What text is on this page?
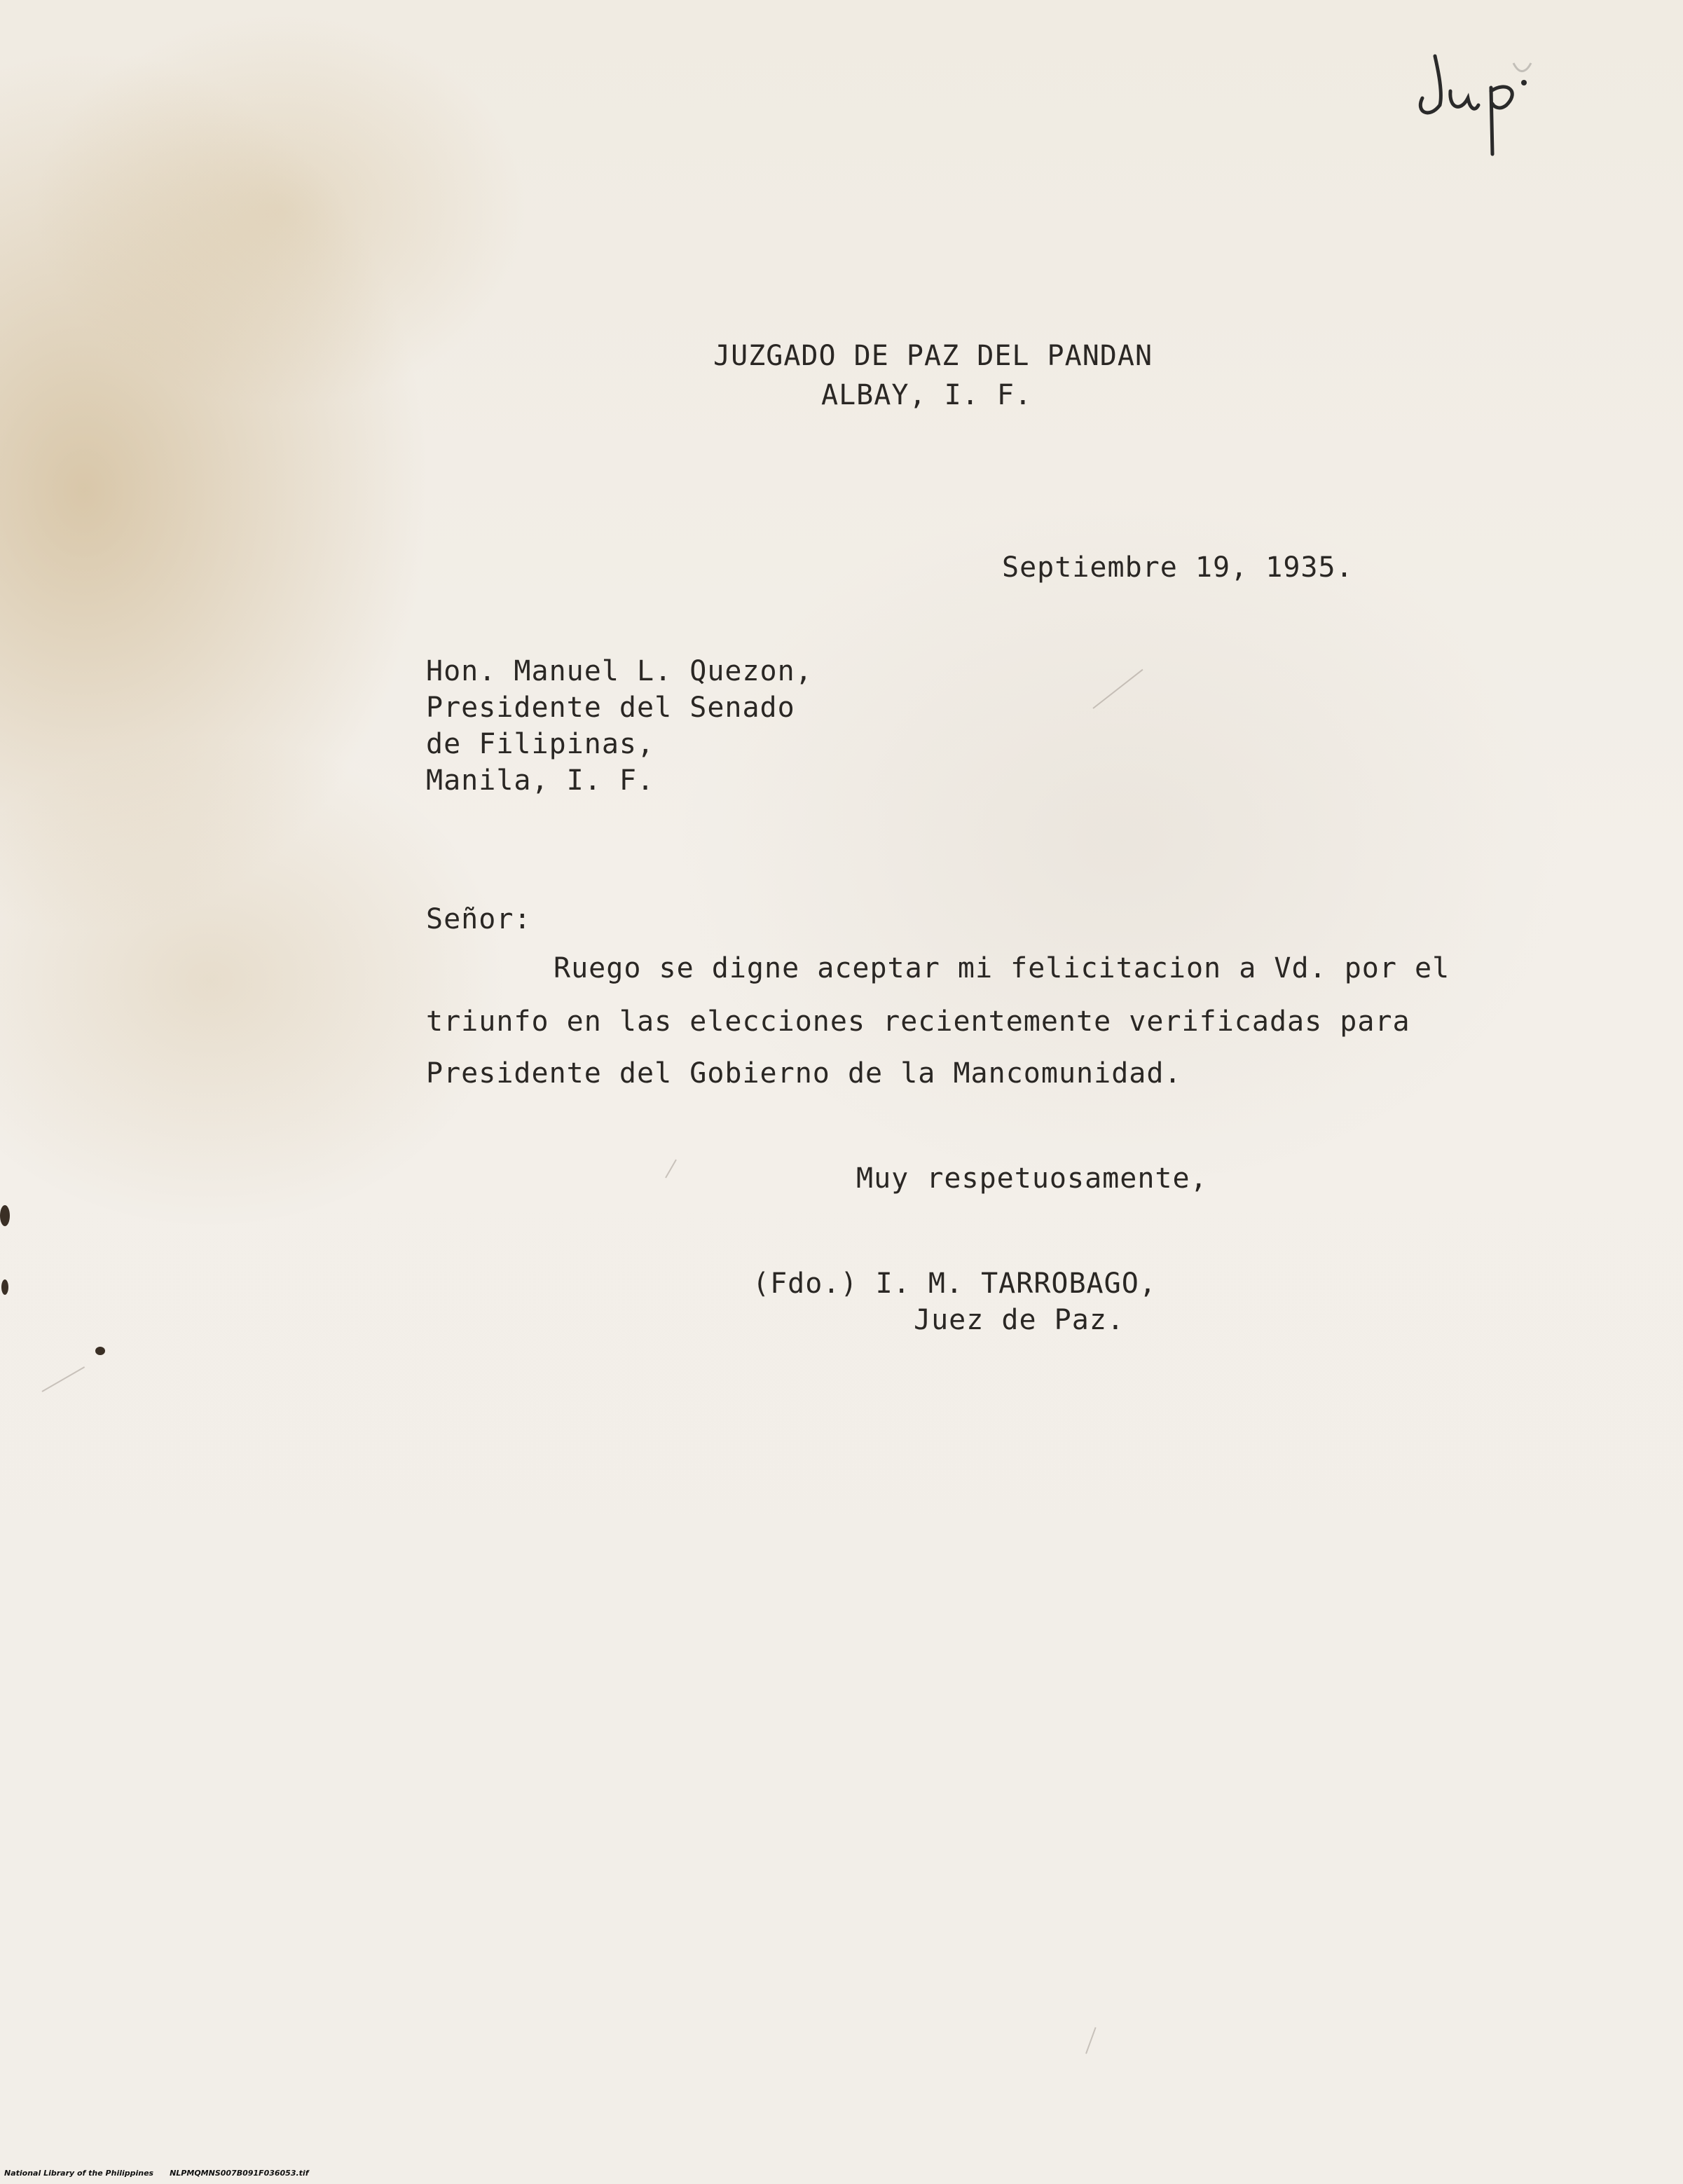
JUZGADO DE PAZ DEL PANDAN
ALBAY, I. F.
Septiembre 19, 1935.
Hon. Manuel L. Quezon,
Presidente del Senado
de Filipinas,
Manila, I. F.
Señor:
Ruego se digne aceptar mi felicitacion a Vd. por el
triunfo en las elecciones recientemente verificadas para
Presidente del Gobierno de la Mancomunidad.
Muy respetuosamente,
(Fdo.) I. M. TARROBAGO,
Juez de Paz.
National Library of the Philippines NLPMQMNS007B091F036053.tif
